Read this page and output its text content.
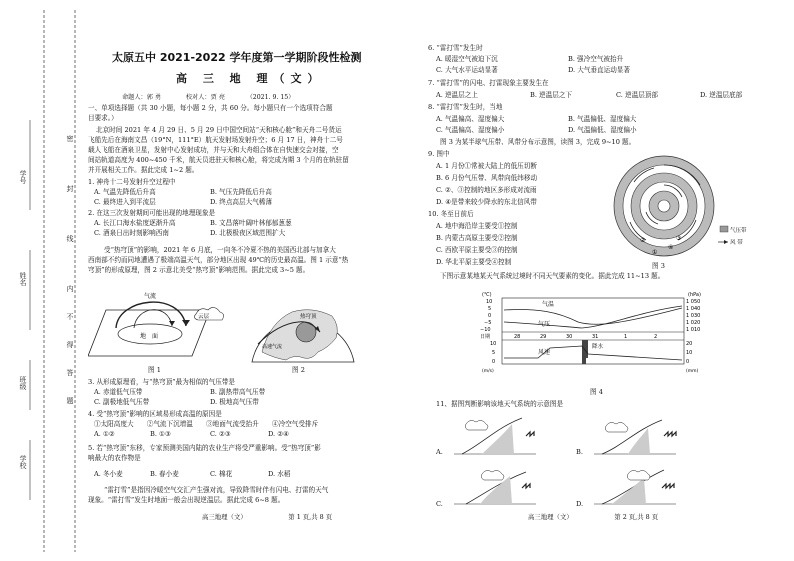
学号
姓名
班级
学校
密
封
线
内
不
得
答
题
太原五中 2021-2022 学年度第一学期阶段性检测
高 三 地 理（文）
命题人：郭 勇　　　　校对人：贾 亮　　　　（2021. 9. 15）
一、单项选择题（共 30 小题，每小题 2 分，共 60 分。每小题只有一个选项符合题
目要求。）
北京时间 2021 年 4 月 29 日、5 月 29 日中国空间站“天和核心舱”和天舟二号货运
飞船先后在海南文昌（19°N，111°E）航天发射场发射升空；6 月 17 日，神舟十二号
载人飞船在酒泉卫星，发射中心发射成功，并与天和大舟组合体在自快速交会对接，空
间站轨道高度为 400~450 千米，航天员进驻天和核心舱，将完成为期 3 个月的在轨驻留
并开展相关工作。据此完成 1~2 题。
1. 神舟十二号发射升空过程中
A. 气温先降低后升高	B. 气压先降低后升高
C. 最终进入到平流层	D. 终点高层大气稀薄
2. 在这三次发射期间可能出现的地理现象是
A. 长江口海水盐度逐渐升高	B. 文昌落叶阔叶林郁郁葱葱
C. 酒泉日出时刻影响西南	D. 北极极夜区域范围扩大
受“热穹顶”的影响，2021 年 6 月底，一向冬不冷夏不热的美国西北部与加拿大
西南部不约而同地遭遇了极端高温天气，部分地区出现 49℃的历史最高温。图 1 示意“热
穹顶”的形成原理，图 2 示意北美受“热穹顶”影响范围。据此完成 3~5 题。
气流
地　面
云层
图 1
热穹顶
高速气流
图 2
3. 从形成原理看，与“热穹顶”最为相似的气压带是
A. 赤道低气压带	B. 副热带高气压带
C. 副极地低气压带	D. 极地高气压带
4. 受“热穹顶”影响的区域易形成高温的原因是
①太阳高度大　　②气流下沉增温　　③地面气流受抬升　　④冷空气受排斥
A. ①②	B. ①③	C. ②③	D. ②④
5. 若“热穹顶”东移，专家预测美国内陆的农业生产将受严重影响。受“热穹顶”影
响最大的农作物是
A. 冬小麦	B. 春小麦	C. 棉花	D. 水稻
“雷打雪”是指因冷暖空气交汇产生强对流，导致降雪时伴有闪电、打雷的天气
现象。“雷打雪”发生时地面一般会出现逆温层。据此完成 6~8 题。
高三地理（文）　　　　　　　第 1 页,共 8 页
6. “雷打雪”发生时
A. 暖湿空气被迫下沉	B. 强冷空气被抬升
C. 大气水平运动显著	D. 大气垂直运动显著
7. “雷打雪”的闪电、打雷现象主要发生在
A. 逆温层之上	B. 逆温层之下	C. 逆温层顶部	D. 逆温层底部
8. “雷打雪”发生时，当地
A. 气温偏高、湿度偏大	B. 气温偏低、湿度偏大
C. 气温偏高、湿度偏小	D. 气温偏低、湿度偏小
图 3 为某半球气压带、风带分布示意图，读图 3，完成 9~10 题。
9. 图中
A. 1 月份①常被大陆上的低压切断
B. 6 月份气压带、风带向低纬移动
C. ②、③控制的地区多形成对流雨
D. ④是带来较少降水的东北信风带
10. 冬至日前后
A. 地中海沿岸主要受①控制
B. 内蒙古高原主要受②控制
C. 西欧平原主要受③的控制
D. 华北平原主要受④控制
①
②	③
④
气压带
风 带
图 3
下图示意某地某天气系统过境时不同天气要素的变化。据此完成 11~13 题。
(℃)	(hPa)
10
5
0
−5
−10
1 050
1 040
1 030
1 020
1 010
气温
气压
日期	28	29	30	31	1	2
降水
风速
10
5
0
(m/s)
20
10
0
(mm)
图 4
11、据图判断影响该地天气系统的示意图是
A.	B.
C.	D.
高三地理（文）　　　　　　　第 2 页,共 8 页
